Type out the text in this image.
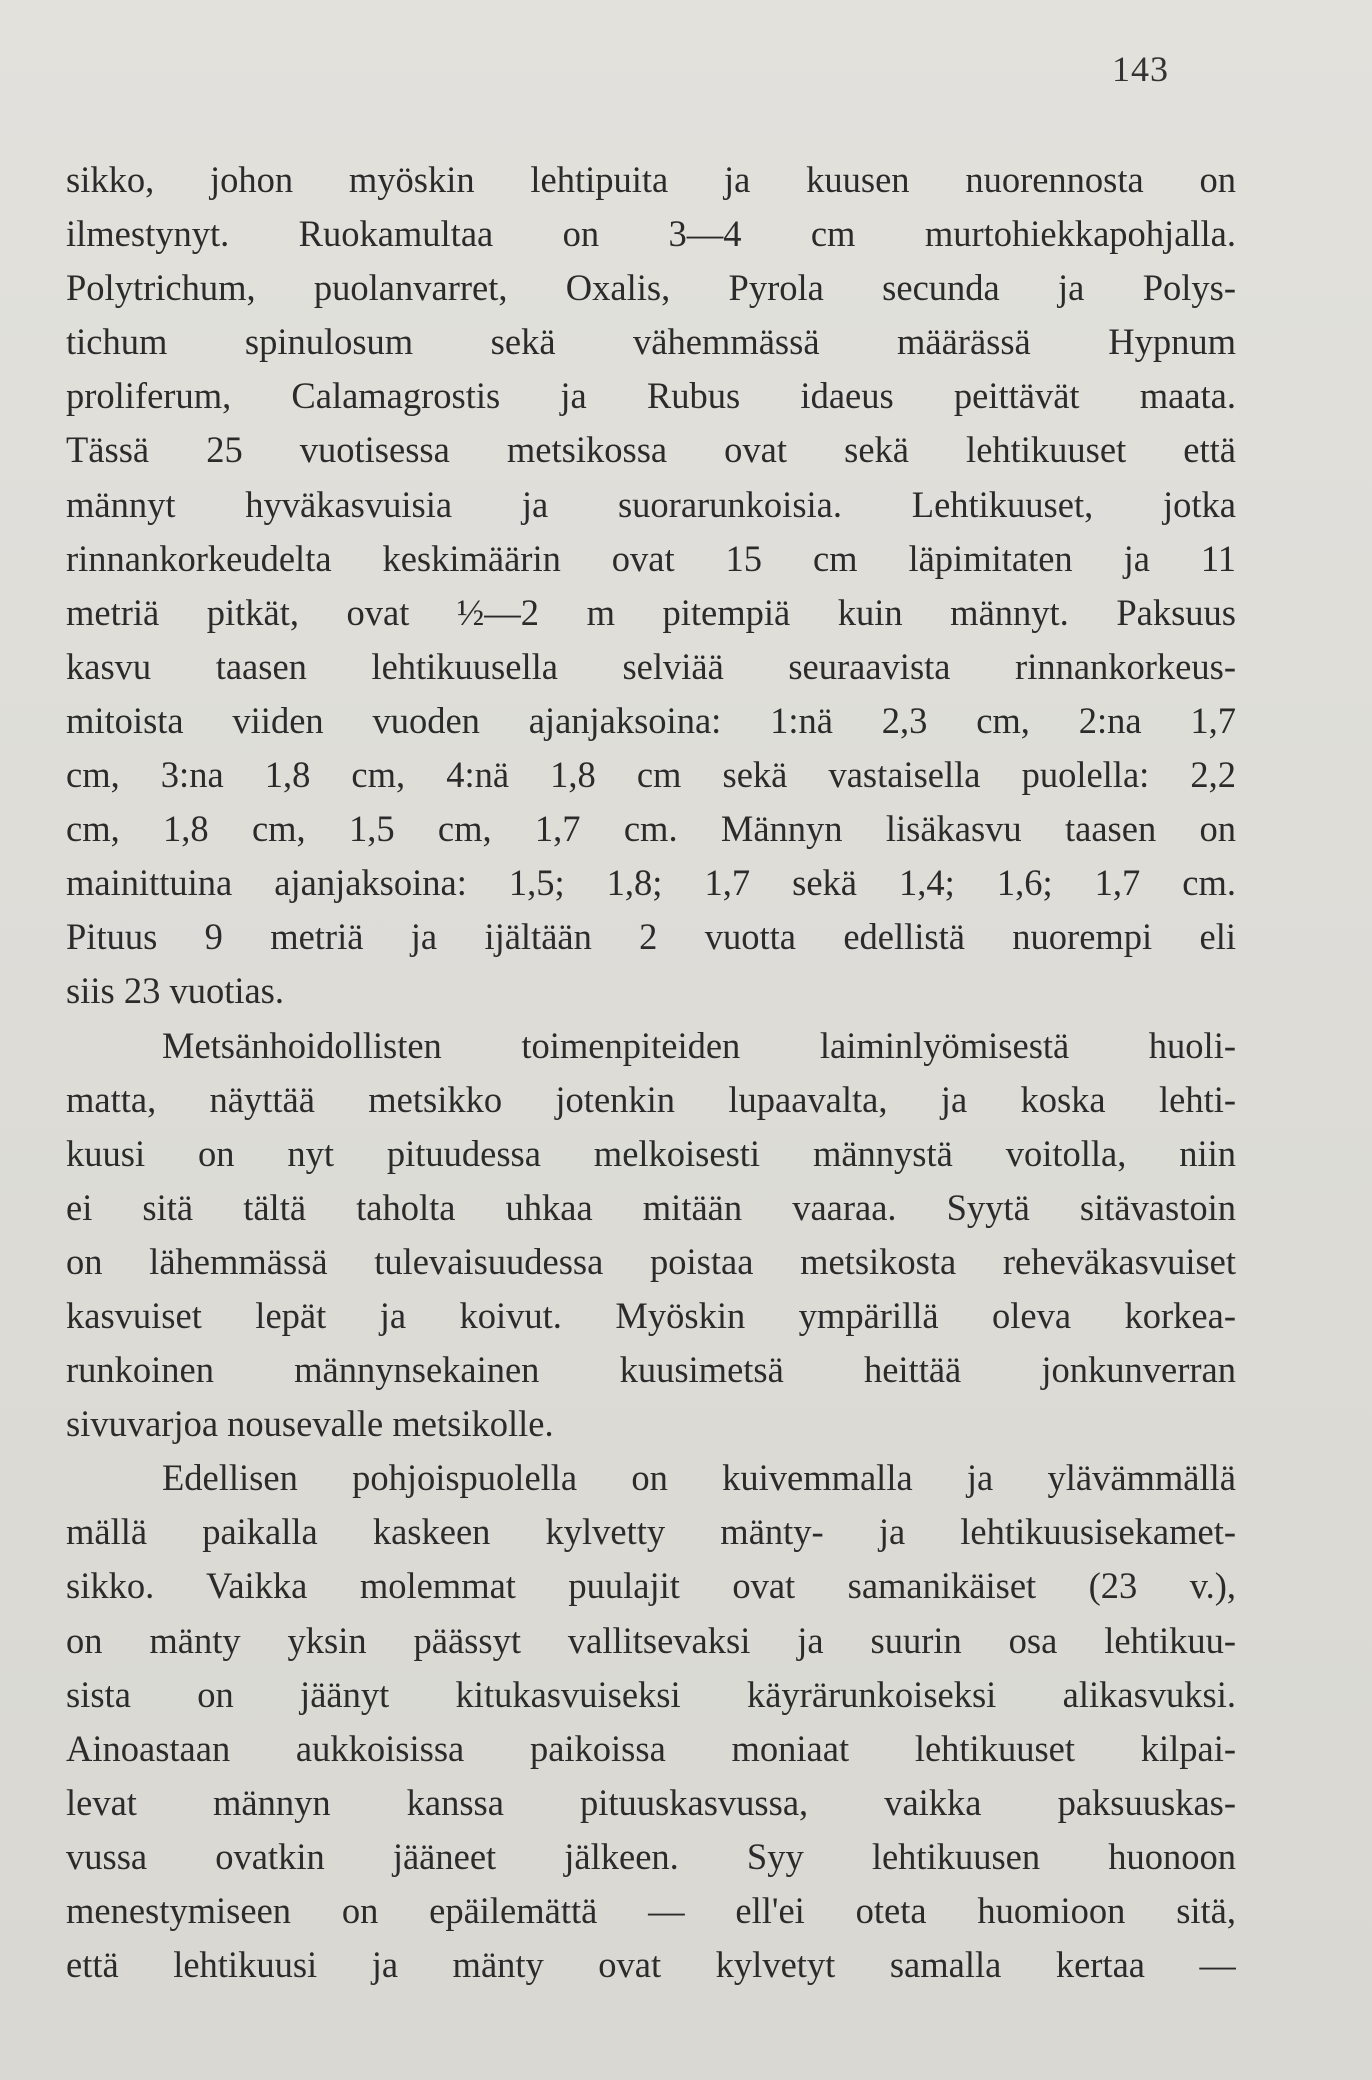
143
sikko, johon myöskin lehtipuita ja kuusen nuorennosta on
ilmestynyt. Ruokamultaa on 3—4 cm murtohiekkapohjalla.
Polytrichum, puolanvarret, Oxalis, Pyrola secunda ja Polys-
tichum spinulosum sekä vähemmässä määrässä Hypnum
proliferum, Calamagrostis ja Rubus idaeus peittävät maata.
Tässä 25 vuotisessa metsikossa ovat sekä lehtikuuset että
männyt hyväkasvuisia ja suorarunkoisia. Lehtikuuset, jotka
rinnankorkeudelta keskimäärin ovat 15 cm läpimitaten ja 11
metriä pitkät, ovat ½—2 m pitempiä kuin männyt. Paksuus
kasvu taasen lehtikuusella selviää seuraavista rinnankorkeus-
mitoista viiden vuoden ajanjaksoina: 1:nä 2,3 cm, 2:na 1,7
cm, 3:na 1,8 cm, 4:nä 1,8 cm sekä vastaisella puolella: 2,2
cm, 1,8 cm, 1,5 cm, 1,7 cm. Männyn lisäkasvu taasen on
mainittuina ajanjaksoina: 1,5; 1,8; 1,7 sekä 1,4; 1,6; 1,7 cm.
Pituus 9 metriä ja ijältään 2 vuotta edellistä nuorempi eli
siis 23 vuotias.
Metsänhoidollisten toimenpiteiden laiminlyömisestä huoli-
matta, näyttää metsikko jotenkin lupaavalta, ja koska lehti-
kuusi on nyt pituudessa melkoisesti männystä voitolla, niin
ei sitä tältä taholta uhkaa mitään vaaraa. Syytä sitävastoin
on lähemmässä tulevaisuudessa poistaa metsikosta reheväkasvuiset
kasvuiset lepät ja koivut. Myöskin ympärillä oleva korkea-
runkoinen männynsekainen kuusimetsä heittää jonkunverran
sivuvarjoa nousevalle metsikolle.
Edellisen pohjoispuolella on kuivemmalla ja ylävämmällä
mällä paikalla kaskeen kylvetty mänty- ja lehtikuusisekamet-
sikko. Vaikka molemmat puulajit ovat samanikäiset (23 v.),
on mänty yksin päässyt vallitsevaksi ja suurin osa lehtikuu-
sista on jäänyt kitukasvuiseksi käyrärunkoiseksi alikasvuksi.
Ainoastaan aukkoisissa paikoissa moniaat lehtikuuset kilpai-
levat männyn kanssa pituuskasvussa, vaikka paksuuskas-
vussa ovatkin jääneet jälkeen. Syy lehtikuusen huonoon
menestymiseen on epäilemättä — ell'ei oteta huomioon sitä,
että lehtikuusi ja mänty ovat kylvetyt samalla kertaa —
